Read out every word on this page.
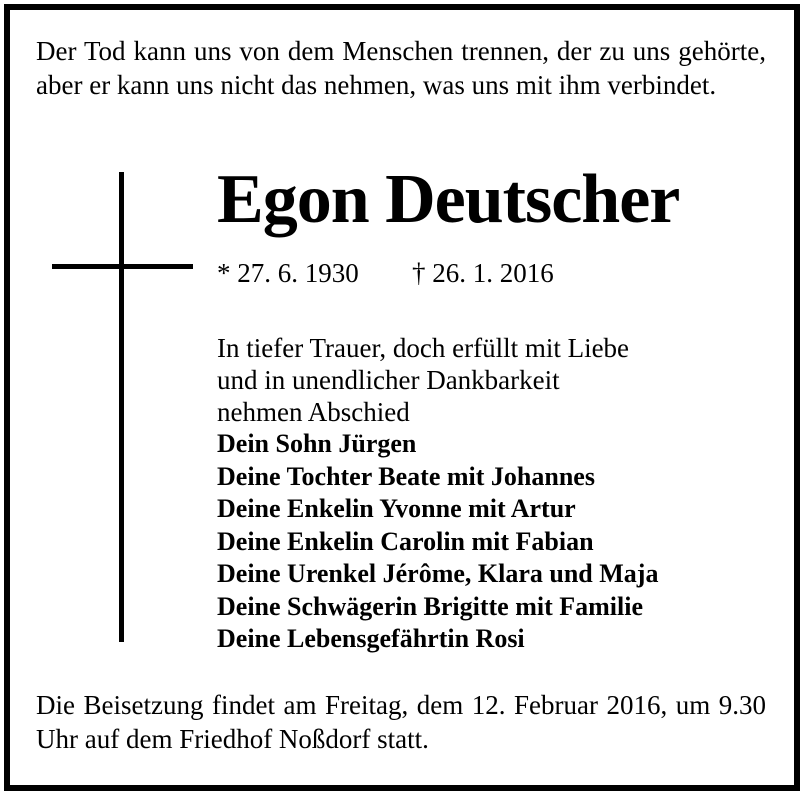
Der Tod kann uns von dem Menschen trennen, der zu uns gehörte, aber er kann uns nicht das nehmen, was uns mit ihm verbindet.

Egon Deutscher
* 27. 6. 1930 † 26. 1. 2016
In tiefer Trauer, doch erfüllt mit Liebe
und in unendlicher Dankbarkeit
nehmen Abschied
Dein Sohn Jürgen
Deine Tochter Beate mit Johannes
Deine Enkelin Yvonne mit Artur
Deine Enkelin Carolin mit Fabian
Deine Urenkel Jérôme, Klara und Maja
Deine Schwägerin Brigitte mit Familie
Deine Lebensgefährtin Rosi

Die Beisetzung findet am Freitag, dem 12. Februar 2016, um 9.30 Uhr auf dem Friedhof Noßdorf statt.
